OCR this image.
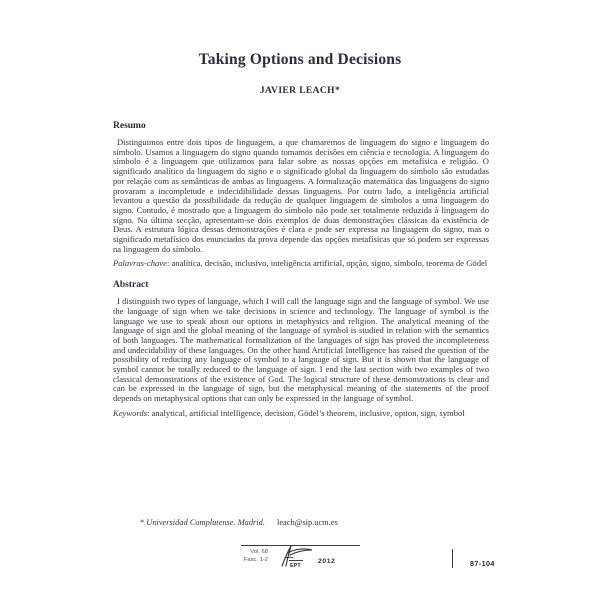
Taking Options and Decisions
JAVIER LEACH*
Resumo

Distinguimos entre dois tipos de linguagem, a que chamaremos de linguagem do signo e linguagem do símbolo. Usamos a linguagem do signo quando tomamos decisões em ciência e tecnologia. A linguagem do símbolo é a linguagem que utilizamos para falar sobre as nossas opções em metafísica e religião. O significado analítico da linguagem do signo e o significado global da linguagem do símbolo são estudadas por relação com as semânticas de ambas as linguagens. A formalização matemática das linguagens do signo provaram a incompletude e indecidibilidade dessas linguagens. Por outro lado, a inteligência artificial levantou a questão da possibilidade da redução de qualquer linguagem de símbolos a uma linguagem do signo. Contudo, é mostrado que a linguagem do símbolo não pode ser totalmente reduzida à linguagem do signo. Na última secção, apresentam-se dois exemplos de duas demonstrações clássicas da existência de Deus. A estrutura lógica dessas demonstrações é clara e pode ser expressa na linguagem do signo, mas o significado metafísico dos enunciados da prova depende das opções metafísicas que só podem ser expressas na linguagem do símbolo.

Palavras-chave: analítica, decisão, inclusivo, inteligência artificial, opção, signo, símbolo, teorema de Gödel

Abstract

I distinguish two types of language, which I will call the language sign and the language of symbol. We use the language of sign when we take decisions in science and technology. The language of symbol is the language we use to speak about our options in metaphysics and religion. The analytical meaning of the language of sign and the global meaning of the language of symbol is studied in relation with the semantics of both languages. The mathematical formalization of the languages of sign has proved the incompleteness and undecidability of these languages. On the other hand Artificial Intelligence has raised the question of the possibility of reducing any language of symbol to a language of sign. But it is shown that the language of symbol cannot be totally reduced to the language of sign. I end the last section with two examples of two classical demonstrations of the existence of God. The logical structure of these demonstrations is clear and can be expressed in the language of sign, but the metaphysical meaning of the statements of the proof depends on metaphysical options that can only be expressed in the language of symbol.

Keywords: analytical, artificial intelligence, decision, Gödel’s theorem, inclusive, option, sign, symbol

* Universidad Complutense. Madrid. leach@sip.ucm.es
Vol. 68
Fasc. 1-2
EPT
2012	87-104
